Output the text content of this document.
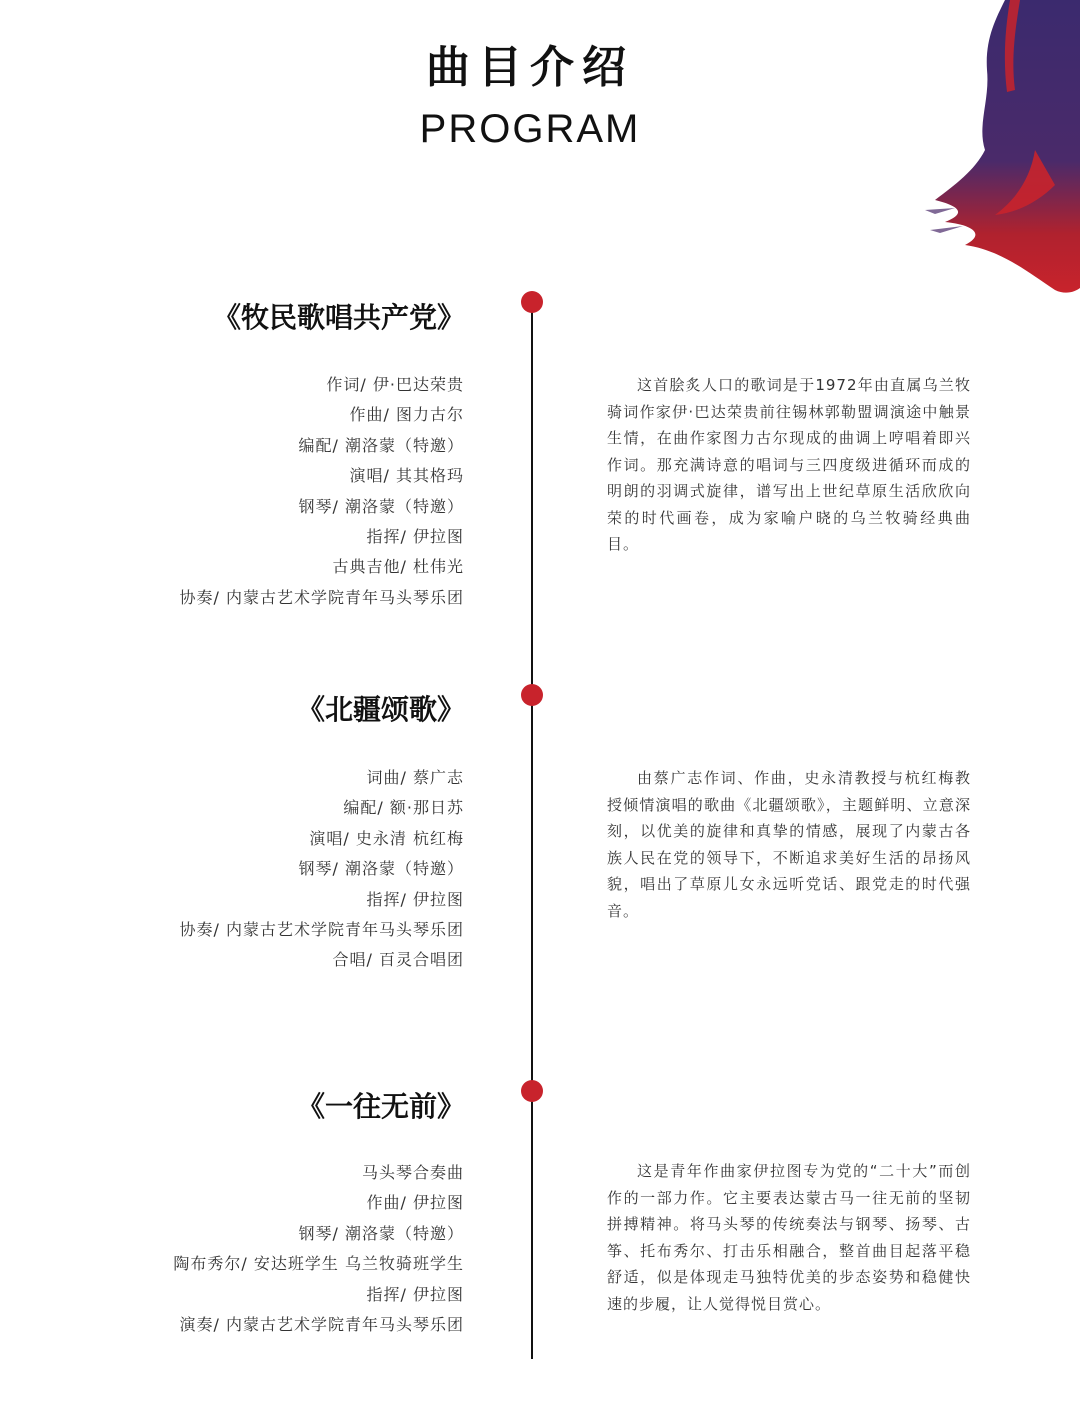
曲目介绍
PROGRAM
《牧民歌唱共产党》
作词/ 伊·巴达荣贵
作曲/ 图力古尔
编配/ 潮洛蒙（特邀）
演唱/ 其其格玛
钢琴/ 潮洛蒙（特邀）
指挥/ 伊拉图
古典吉他/ 杜伟光
协奏/ 内蒙古艺术学院青年马头琴乐团

这首脍炙人口的歌词是于1972年由直属乌兰牧骑词作家伊·巴达荣贵前往锡林郭勒盟调演途中触景生情，在曲作家图力古尔现成的曲调上哼唱着即兴作词。那充满诗意的唱词与三四度级进循环而成的明朗的羽调式旋律，谱写出上世纪草原生活欣欣向荣的时代画卷，成为家喻户晓的乌兰牧骑经典曲目。

《北疆颂歌》
词曲/ 蔡广志
编配/ 额·那日苏
演唱/ 史永清 杭红梅
钢琴/ 潮洛蒙（特邀）
指挥/ 伊拉图
协奏/ 内蒙古艺术学院青年马头琴乐团
合唱/ 百灵合唱团

由蔡广志作词、作曲，史永清教授与杭红梅教授倾情演唱的歌曲《北疆颂歌》，主题鲜明、立意深刻，以优美的旋律和真挚的情感，展现了内蒙古各族人民在党的领导下，不断追求美好生活的昂扬风貌，唱出了草原儿女永远听党话、跟党走的时代强音。

《一往无前》
马头琴合奏曲
作曲/ 伊拉图
钢琴/ 潮洛蒙（特邀）
陶布秀尔/ 安达班学生 乌兰牧骑班学生
指挥/ 伊拉图
演奏/ 内蒙古艺术学院青年马头琴乐团

这是青年作曲家伊拉图专为党的“二十大”而创作的一部力作。它主要表达蒙古马一往无前的坚韧拼搏精神。将马头琴的传统奏法与钢琴、扬琴、古筝、托布秀尔、打击乐相融合，整首曲目起落平稳舒适，似是体现走马独特优美的步态姿势和稳健快速的步履，让人觉得悦目赏心。
